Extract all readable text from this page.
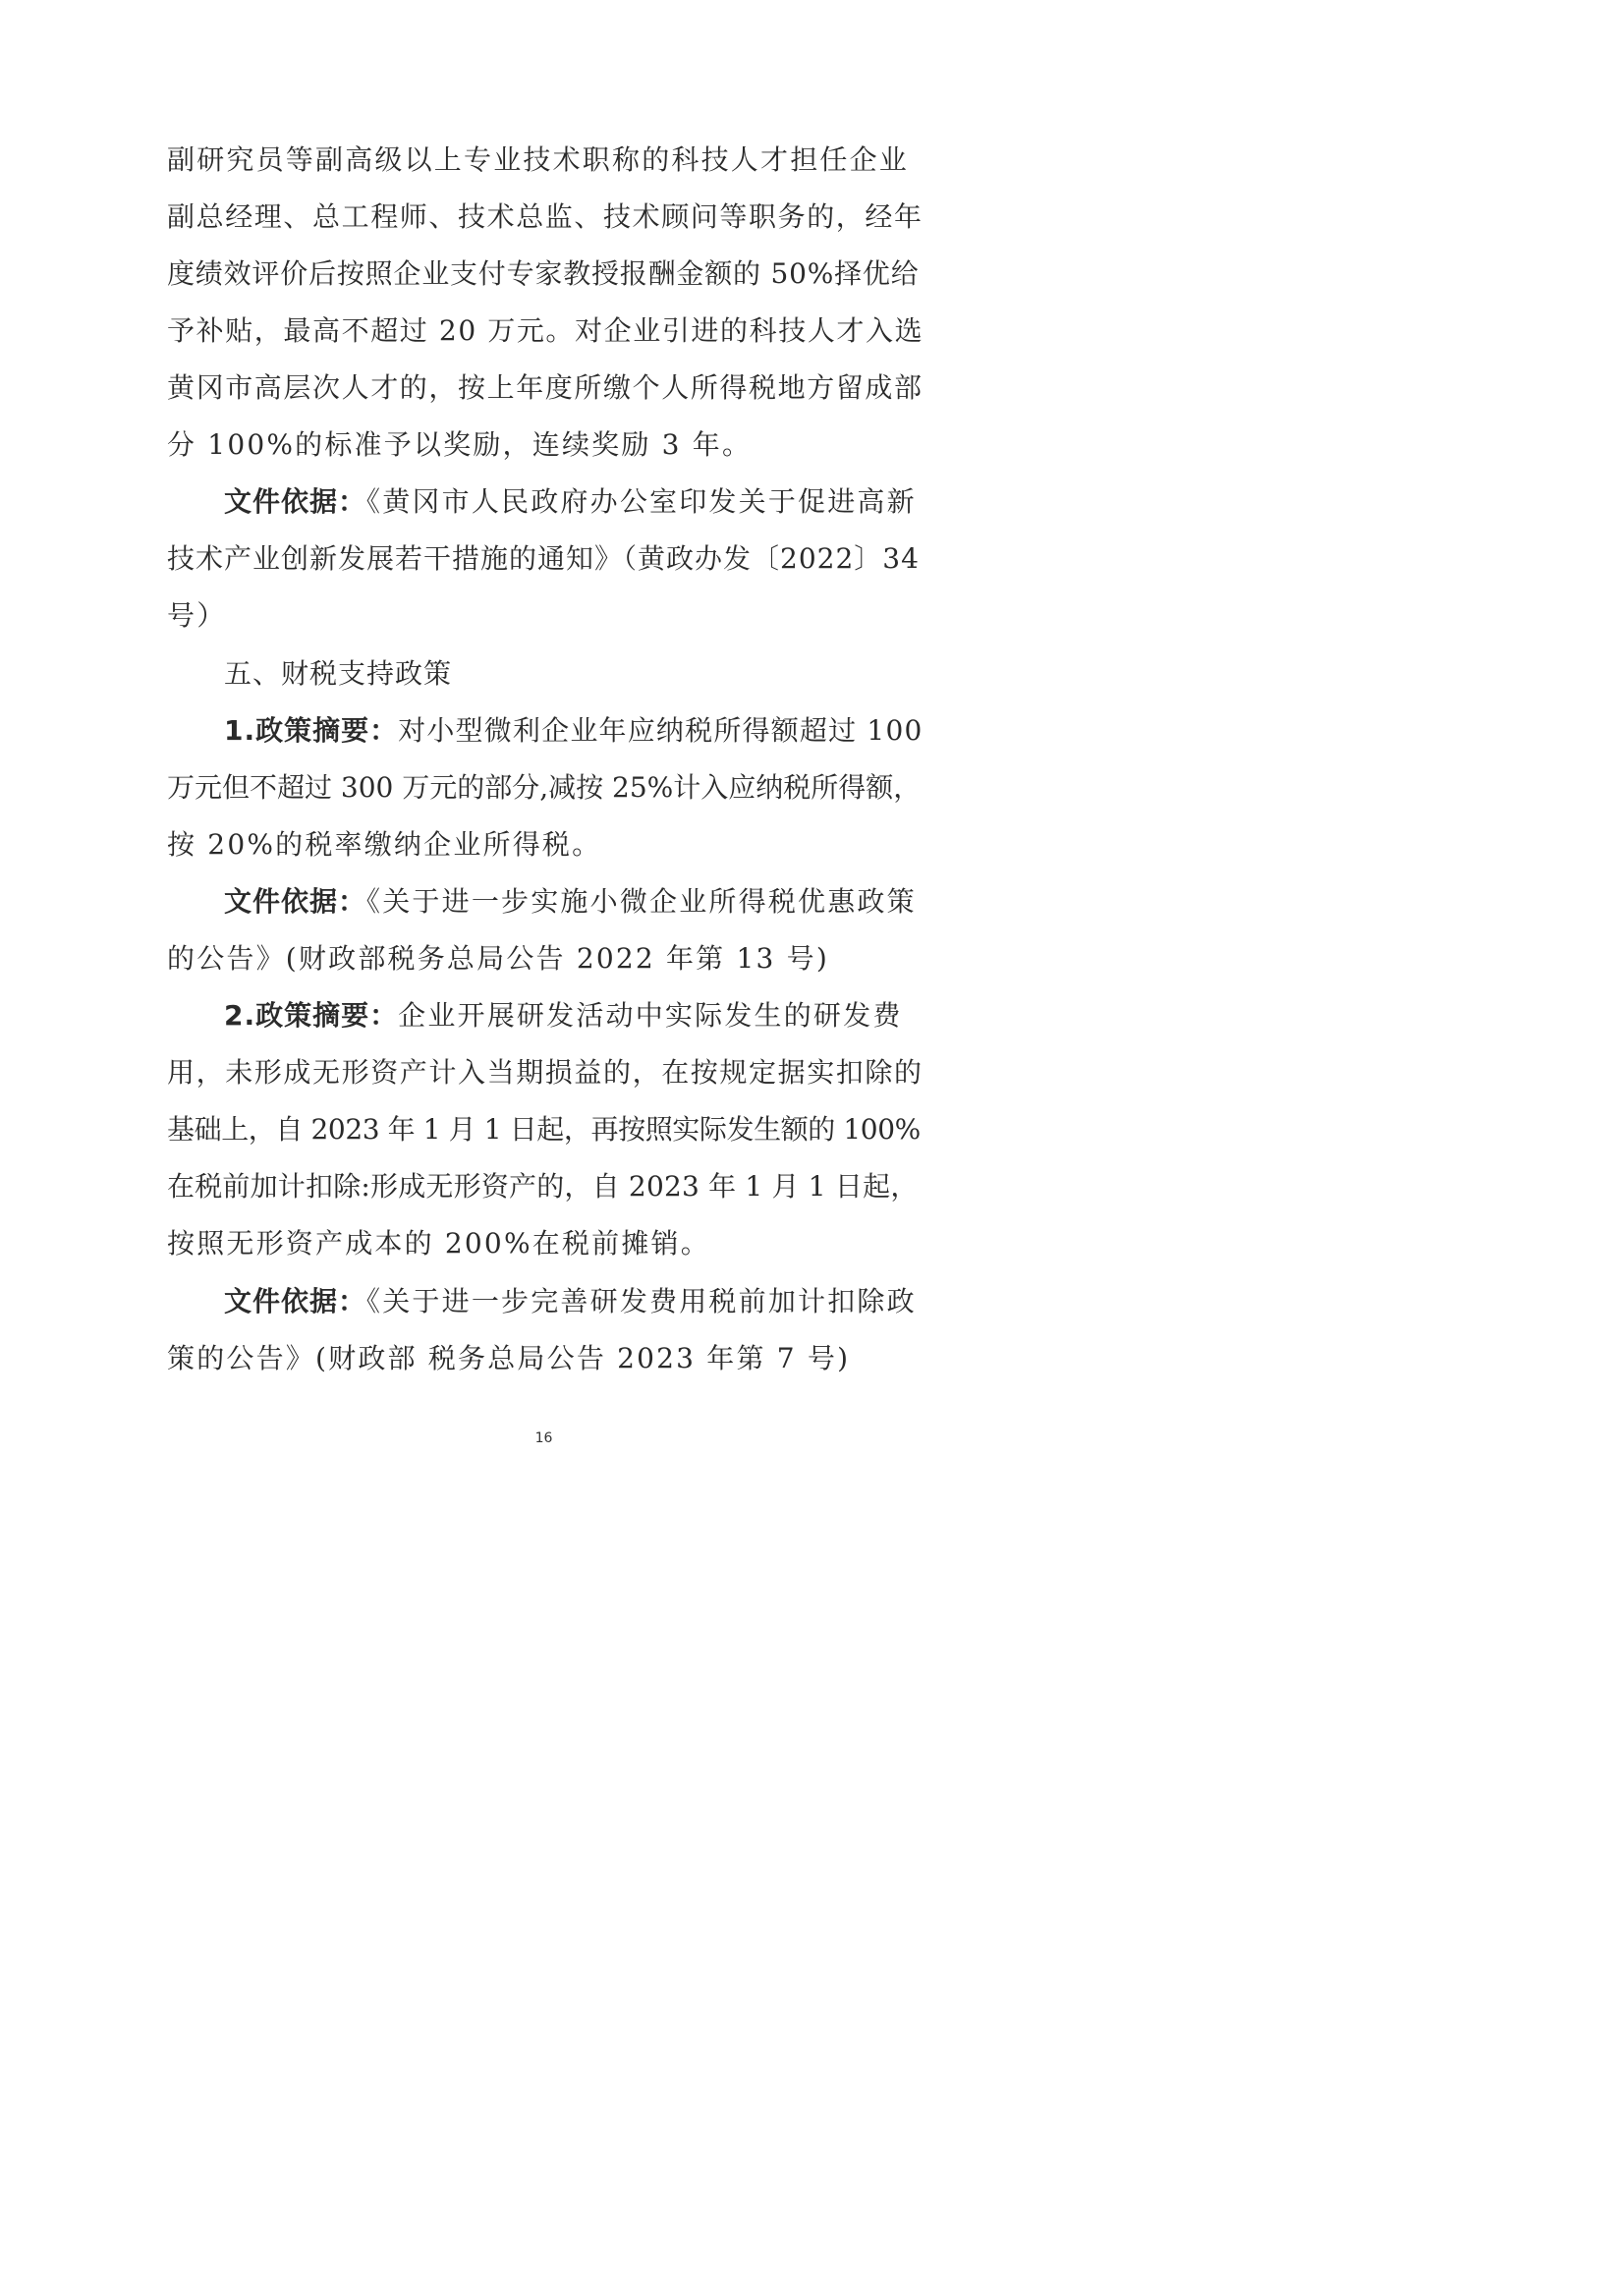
副研究员等副高级以上专业技术职称的科技人才担任企业
副总经理、总工程师、技术总监、技术顾问等职务的，经年
度绩效评价后按照企业支付专家教授报酬金额的 50%择优给
予补贴，最高不超过 20 万元。对企业引进的科技人才入选
黄冈市高层次人才的，按上年度所缴个人所得税地方留成部
分 100%的标准予以奖励，连续奖励 3 年。
文件依据：《黄冈市人民政府办公室印发关于促进高新
技术产业创新发展若干措施的通知》（黄政办发〔2022〕34
号）
五、财税支持政策
1.政策摘要：对小型微利企业年应纳税所得额超过 100
万元但不超过 300 万元的部分,减按 25%计入应纳税所得额，
按 20%的税率缴纳企业所得税。
文件依据：《关于进一步实施小微企业所得税优惠政策
的公告》(财政部税务总局公告 2022 年第 13 号)
2.政策摘要：企业开展研发活动中实际发生的研发费
用，未形成无形资产计入当期损益的，在按规定据实扣除的
基础上，自 2023 年 1 月 1 日起，再按照实际发生额的 100%
在税前加计扣除:形成无形资产的，自 2023 年 1 月 1 日起，
按照无形资产成本的 200%在税前摊销。
文件依据：《关于进一步完善研发费用税前加计扣除政
策的公告》(财政部 税务总局公告 2023 年第 7 号)
16
